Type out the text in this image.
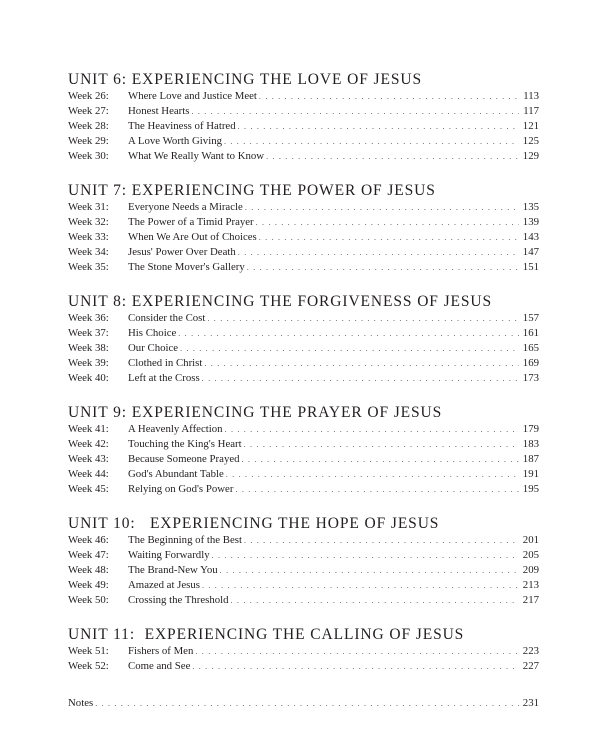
UNIT 6: EXPERIENCING THE LOVE OF JESUS
Week 26:	Where Love and Justice Meet . . .	113
Week 27:	Honest Hearts . . .	117
Week 28:	The Heaviness of Hatred . . .	121
Week 29:	A Love Worth Giving . . .	125
Week 30:	What We Really Want to Know . . .	129
UNIT 7: EXPERIENCING THE POWER OF JESUS
Week 31:	Everyone Needs a Miracle . . .	135
Week 32:	The Power of a Timid Prayer . . .	139
Week 33:	When We Are Out of Choices . . .	143
Week 34:	Jesus' Power Over Death . . .	147
Week 35:	The Stone Mover's Gallery . . .	151
UNIT 8: EXPERIENCING THE FORGIVENESS OF JESUS
Week 36:	Consider the Cost . . .	157
Week 37:	His Choice . . .	161
Week 38:	Our Choice . . .	165
Week 39:	Clothed in Christ . . .	169
Week 40:	Left at the Cross . . .	173
UNIT 9: EXPERIENCING THE PRAYER OF JESUS
Week 41:	A Heavenly Affection . . .	179
Week 42:	Touching the King's Heart . . .	183
Week 43:	Because Someone Prayed . . .	187
Week 44:	God's Abundant Table . . .	191
Week 45:	Relying on God's Power . . .	195
UNIT 10:   EXPERIENCING THE HOPE OF JESUS
Week 46:	The Beginning of the Best . . .	201
Week 47:	Waiting Forwardly . . .	205
Week 48:	The Brand-New You . . .	209
Week 49:	Amazed at Jesus . . .	213
Week 50:	Crossing the Threshold . . .	217
UNIT 11:  EXPERIENCING THE CALLING OF JESUS
Week 51:	Fishers of Men . . .	223
Week 52:	Come and See . . .	227
Notes . . .	231
